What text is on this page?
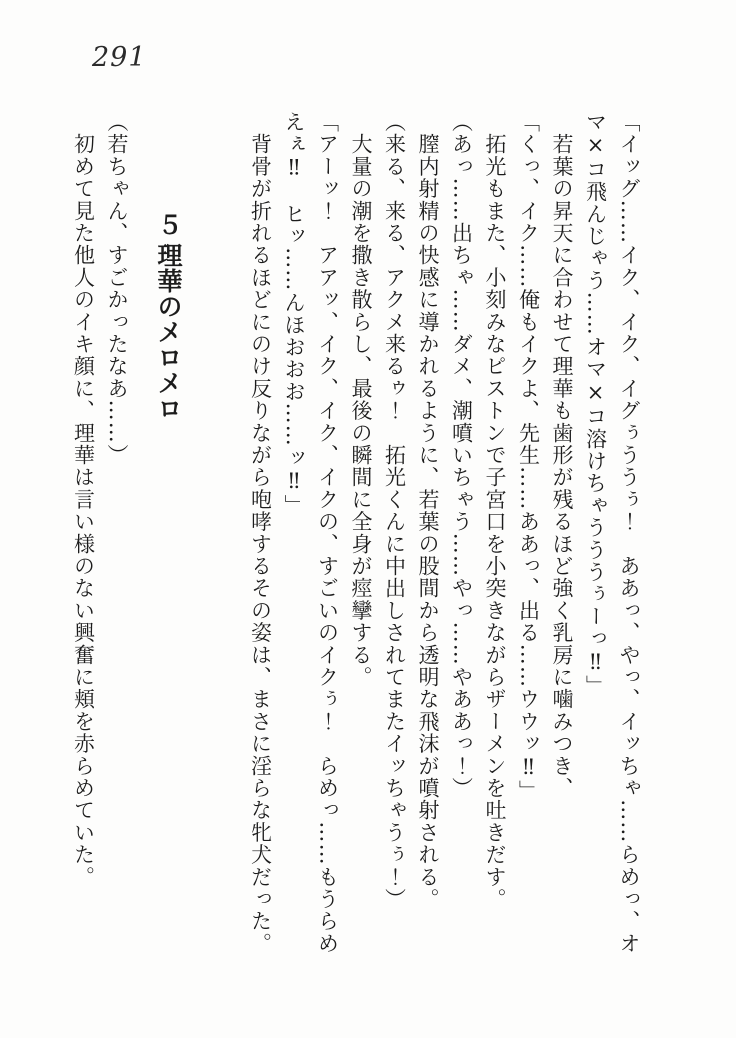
291

「イッグ……イク、イク、イグぅううぅ！　ああっ、やっ、イッちゃ……らめっ、オ

マ×コ飛んじゃう……オマ×コ溶けちゃうううぅーっ‼」

　若葉の昇天に合わせて理華も歯形が残るほど強く乳房に噛みつき、

「くっ、イク……俺もイクよ、先生……ああっ、出る……ウウッ‼」

　拓光もまた、小刻みなピストンで子宮口を小突きながらザーメンを吐きだす。

（あっ……出ちゃ……ダメ、潮噴いちゃう……やっ……やああっ！）

　膣内射精の快感に導かれるように、若葉の股間から透明な飛沫が噴射される。

（来る、来る、アクメ来るゥ！　拓光くんに中出しされてまたイッちゃうぅ！）

　大量の潮を撒き散らし、最後の瞬間に全身が痙攣する。

「アーッ！　アアッ、イク、イク、イクの、すごいのイクぅ！　らめっ……もうらめ

えぇ‼　ヒッ……んほおおお……ッ‼」

　背骨が折れるほどにのけ反りながら咆哮するその姿は、まさに淫らな牝犬だった。

５理華のメロメロ

（若ちゃん、すごかったなあ……）

　初めて見た他人のイキ顔に、理華は言い様のない興奮に頬を赤らめていた。
